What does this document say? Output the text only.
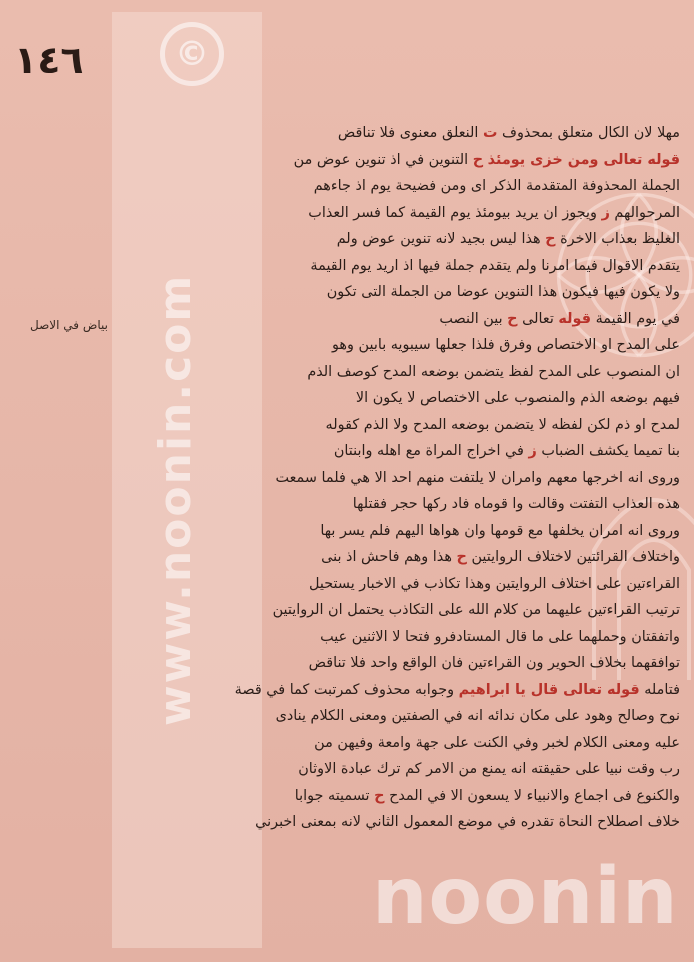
©
www.noonin.com
١٤٦
بياض في الاصل
مهلا لان الكال متعلق بمحذوف ت النعلق معنوى فلا تناقض
قوله تعالى ومن خزى يومئذ ح التنوين في اذ تنوين عوض من
الجملة المحذوفة المتقدمة الذكر اى ومن فضيحة يوم اذ جاءهم
المرحوالهم ز ويجوز ان يريد بيومئذ يوم القيمة كما فسر العذاب
الغليظ بعذاب الاخرة ح هذا ليس بجيد لانه تنوين عوض ولم
يتقدم الاقوال فيما امرنا ولم يتقدم جملة فيها اذ اريد يوم القيمة
ولا يكون فيها فيكون هذا التنوين عوضا من الجملة التى تكون
في يوم القيمة قوله تعالى ح بين النصب
على المدح او الاختصاص وفرق فلذا جعلها سيبويه بابين وهو
ان المنصوب على المدح لفظ يتضمن بوضعه المدح كوصف الذم
فيهم بوضعه الذم والمنصوب على الاختصاص لا يكون الا
لمدح او ذم لكن لفظه لا يتضمن بوضعه المدح ولا الذم كقوله
بنا تميما يكشف الضباب ز في اخراج المراة مع اهله وابنتان
وروى انه اخرجها معهم وامران لا يلتفت منهم احد الا هي فلما سمعت
هذه العذاب التفتت وقالت وا قوماه فاد ركها حجر فقتلها
وروى انه امران يخلفها مع قومها وان هواها اليهم فلم يسر بها
واختلاف القرائتين لاختلاف الروايتين ح هذا وهم فاحش اذ بنى
القراءتين على اختلاف الروايتين وهذا تكاذب في الاخبار يستحيل
ترتيب القراءتين عليهما من كلام الله على التكاذب يحتمل ان الروايتين
واتفقتان وحملهما على ما قال المستادفرو فتحا لا الاثنين عيب
توافقهما بخلاف الحوير ون القراءتين فان الواقع واحد فلا تناقض
فتامله قوله تعالى قال يا ابراهيم وجوابه محذوف كمرتبت كما في قصة
نوح وصالح وهود على مكان ندائه انه في الصفتين ومعنى الكلام ينادى
عليه ومعنى الكلام لخبر وفي الكنت على جهة وامعة وفيهن من
رب وقت نبيا على حقيقته انه يمنع من الامر كم ترك عبادة الاوثان
والكنوع فى اجماع والانبياء لا يسعون الا في المدح ح تسميته جوابا
خلاف اصطلاح النحاة تقدره في موضع المعمول الثاني لانه بمعنى اخبرني
noonin
